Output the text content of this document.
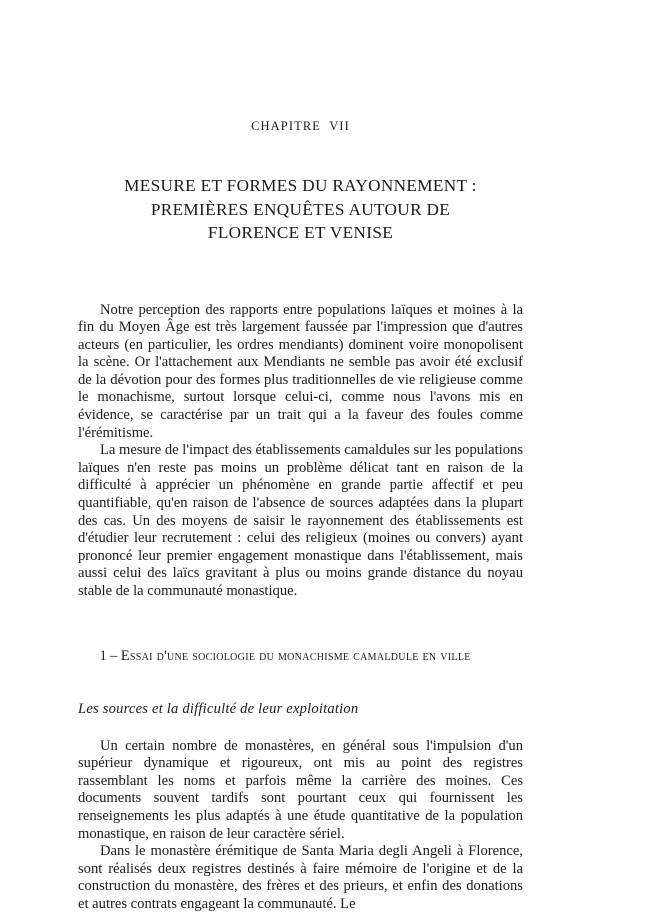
CHAPITRE  VII
MESURE ET FORMES DU RAYONNEMENT :
PREMIÈRES ENQUÊTES AUTOUR DE
FLORENCE ET VENISE

Notre perception des rapports entre populations laïques et moines à la fin du Moyen Âge est très largement faussée par l'impression que d'autres acteurs (en particulier, les ordres mendiants) dominent voire monopolisent la scène. Or l'attachement aux Mendiants ne semble pas avoir été exclusif de la dévotion pour des formes plus traditionnelles de vie religieuse comme le monachisme, surtout lorsque celui-ci, comme nous l'avons mis en évidence, se caractérise par un trait qui a la faveur des foules comme l'érémitisme.

La mesure de l'impact des établissements camaldules sur les populations laïques n'en reste pas moins un problème délicat tant en raison de la difficulté à apprécier un phénomène en grande partie affectif et peu quantifiable, qu'en raison de l'absence de sources adaptées dans la plupart des cas. Un des moyens de saisir le rayonnement des établissements est d'étudier leur recrutement : celui des religieux (moines ou convers) ayant prononcé leur premier engagement monastique dans l'établissement, mais aussi celui des laïcs gravitant à plus ou moins grande distance du noyau stable de la communauté monastique.

1 – Essai d'une sociologie du monachisme camaldule en ville

Les sources et la difficulté de leur exploitation

Un certain nombre de monastères, en général sous l'impulsion d'un supérieur dynamique et rigoureux, ont mis au point des registres rassemblant les noms et parfois même la carrière des moines. Ces documents souvent tardifs sont pourtant ceux qui fournissent les renseignements les plus adaptés à une étude quantitative de la population monastique, en raison de leur caractère sériel.

Dans le monastère érémitique de Santa Maria degli Angeli à Florence, sont réalisés deux registres destinés à faire mémoire de l'origine et de la construction du monastère, des frères et des prieurs, et enfin des donations et autres contrats engageant la communauté. Le
